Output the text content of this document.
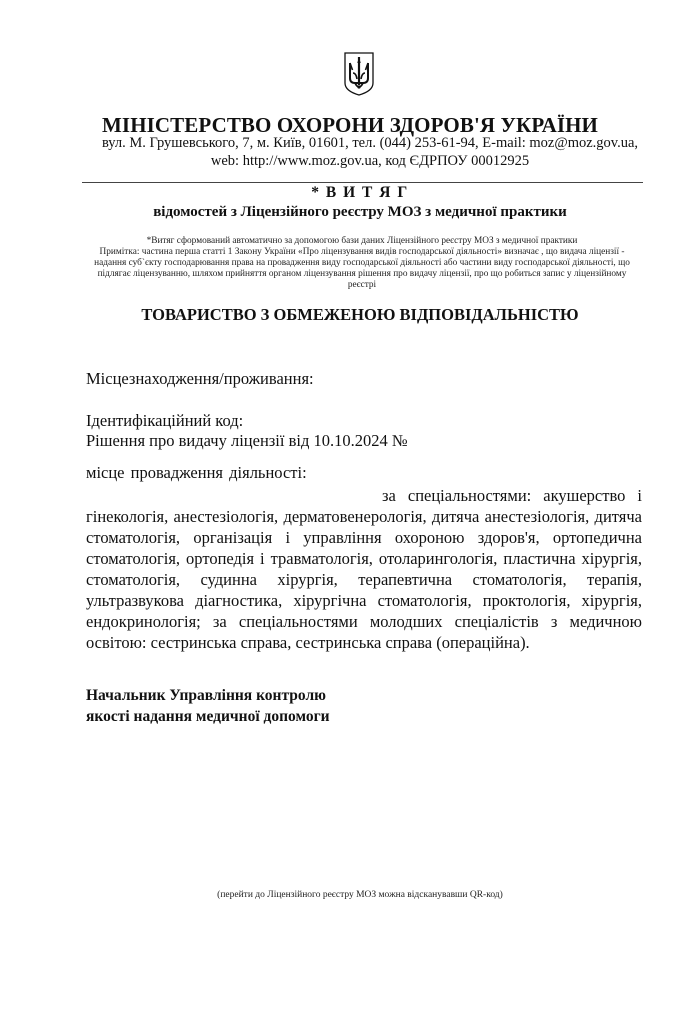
МІНІСТЕРСТВО ОХОРОНИ ЗДОРОВ'Я УКРАЇНИ
вул. М. Грушевського, 7, м. Київ, 01601, тел. (044) 253-61-94, E-mail: moz@moz.gov.ua,
web: http://www.moz.gov.ua, код ЄДРПОУ 00012925
* В И Т Я Г
відомостей з Ліцензійного реєстру МОЗ з медичної практики
*Витяг сформований автоматично за допомогою бази даних Ліцензійного реєстру МОЗ з медичної практики
Примітка: частина перша статті 1 Закону України «Про ліцензування видів господарської діяльності» визначає , що видача ліцензії - надання суб`єкту господарювання права на провадження виду господарської діяльності або частини виду господарської діяльності, що підлягає ліцензуванню, шляхом прийняття органом ліцензування рішення про видачу ліцензії, про що робиться запис у ліцензійному реєстрі
ТОВАРИСТВО З ОБМЕЖЕНОЮ ВІДПОВІДАЛЬНІСТЮ
Місцезнаходження/проживання:
Ідентифікаційний код:
Рішення про видачу ліцензії від 10.10.2024 №
місце провадження діяльності:
за спеціальностями: акушерство і гінекологія, анестезіологія, дерматовенерологія, дитяча анестезіологія, дитяча стоматологія, організація і управління охороною здоров'я, ортопедична стоматологія, ортопедія і травматологія, отоларингологія, пластична хірургія, стоматологія, судинна хірургія, терапевтична стоматологія, терапія, ультразвукова діагностика, хірургічна стоматологія, проктологія, хірургія, ендокринологія; за спеціальностями молодших спеціалістів з медичною освітою: сестринська справа, сестринська справа (операційна).
Начальник Управління контролю
якості надання медичної допомоги
(перейти до Ліцензійного реєстру МОЗ можна відсканувавши QR-код)
